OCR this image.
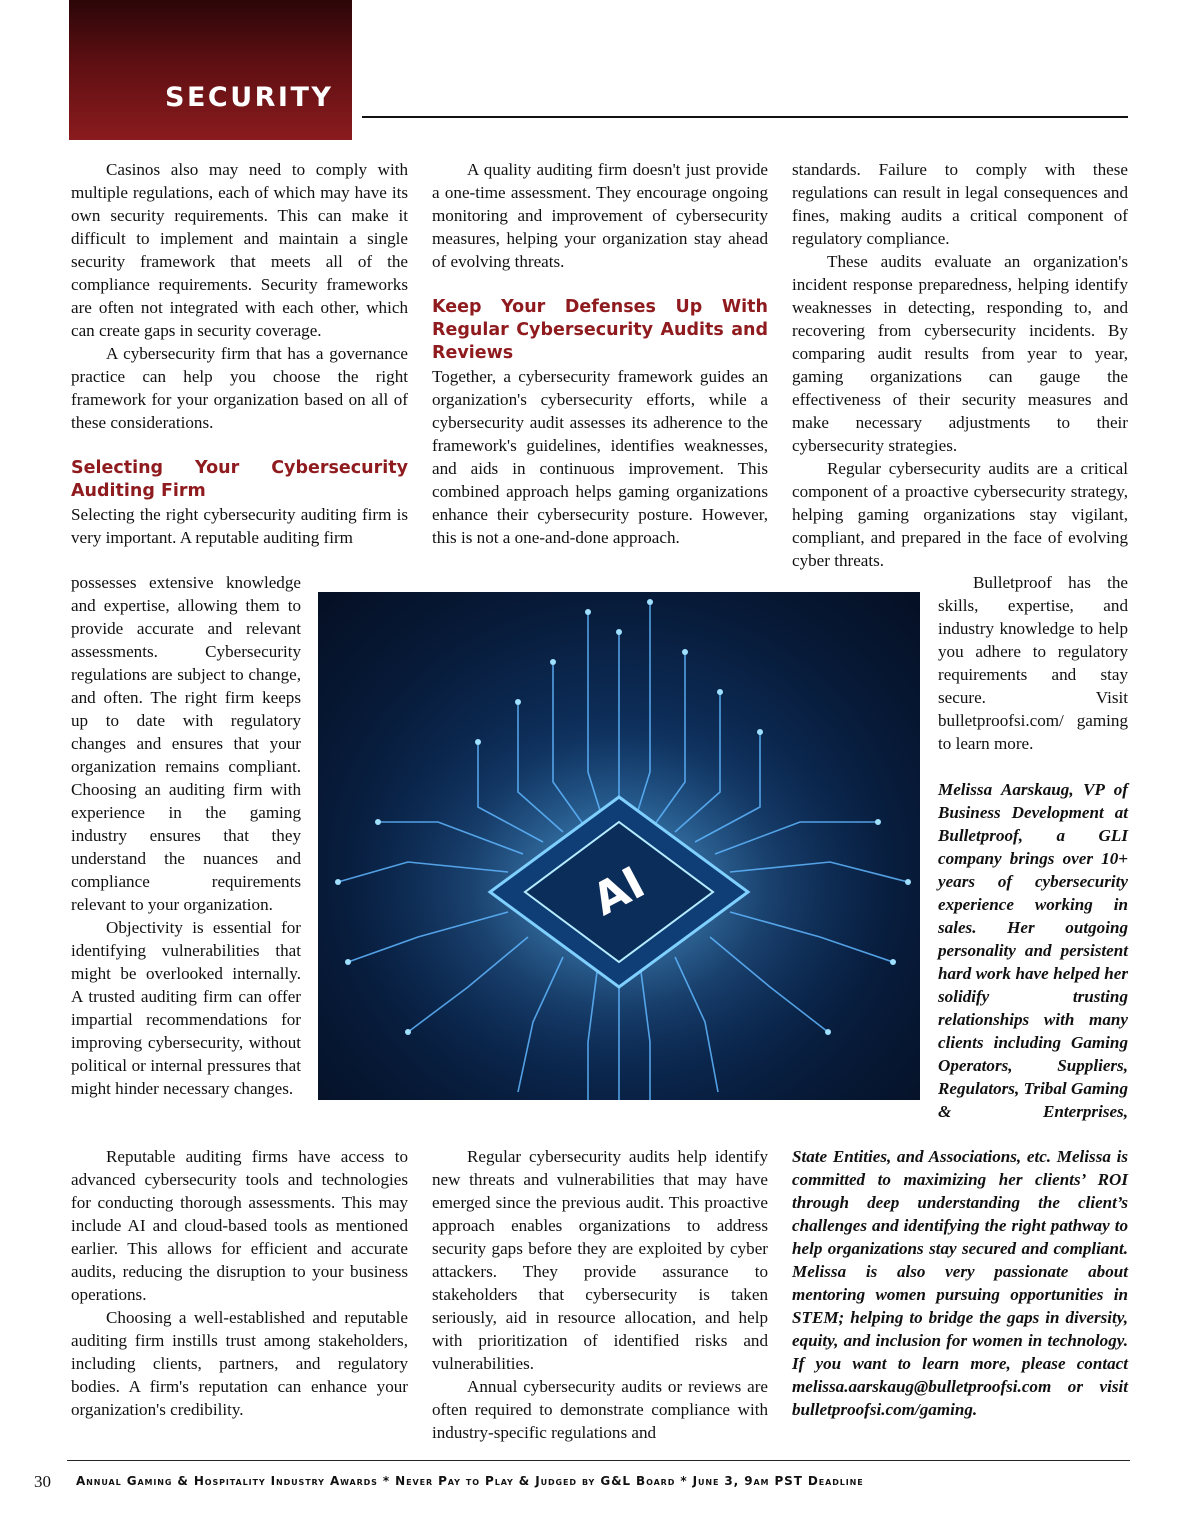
SECURITY

Casinos also may need to comply with multiple regulations, each of which may have its own security requirements. This can make it difficult to implement and maintain a single security framework that meets all of the compliance requirements. Security frameworks are often not integrated with each other, which can create gaps in security coverage.

A cybersecurity firm that has a governance practice can help you choose the right framework for your organization based on all of these considerations.

Selecting Your Cybersecurity Auditing Firm

Selecting the right cybersecurity auditing firm is very important. A reputable auditing firm

possesses extensive knowledge and expertise, allowing them to provide accurate and relevant assessments. Cybersecurity regulations are subject to change, and often. The right firm keeps up to date with regulatory changes and ensures that your organization remains compliant. Choosing an auditing firm with experience in the gaming industry ensures that they understand the nuances and compliance requirements relevant to your organization.

Objectivity is essential for identifying vulnerabilities that might be overlooked internally. A trusted auditing firm can offer impartial recommendations for improving cybersecurity, without political or internal pressures that might hinder necessary changes.

Reputable auditing firms have access to advanced cybersecurity tools and technologies for conducting thorough assessments. This may include AI and cloud-based tools as mentioned earlier. This allows for efficient and accurate audits, reducing the disruption to your business operations.

Choosing a well-established and reputable auditing firm instills trust among stakeholders, including clients, partners, and regulatory bodies. A firm's reputation can enhance your organization's credibility.

A quality auditing firm doesn't just provide a one-time assessment. They encourage ongoing monitoring and improvement of cybersecurity measures, helping your organization stay ahead of evolving threats.

Keep Your Defenses Up With Regular Cybersecurity Audits and Reviews

Together, a cybersecurity framework guides an organization's cybersecurity efforts, while a cybersecurity audit assesses its adherence to the framework's guidelines, identifies weaknesses, and aids in continuous improvement. This combined approach helps gaming organizations enhance their cybersecurity posture. However, this is not a one-and-done approach.

Regular cybersecurity audits help identify new threats and vulnerabilities that may have emerged since the previous audit. This proactive approach enables organizations to address security gaps before they are exploited by cyber attackers. They provide assurance to stakeholders that cybersecurity is taken seriously, aid in resource allocation, and help with prioritization of identified risks and vulnerabilities.

Annual cybersecurity audits or reviews are often required to demonstrate compliance with industry-specific regulations and

standards. Failure to comply with these regulations can result in legal consequences and fines, making audits a critical component of regulatory compliance.

These audits evaluate an organization's incident response preparedness, helping identify weaknesses in detecting, responding to, and recovering from cybersecurity incidents. By comparing audit results from year to year, gaming organizations can gauge the effectiveness of their security measures and make necessary adjustments to their cybersecurity strategies.

Regular cybersecurity audits are a critical component of a proactive cybersecurity strategy, helping gaming organizations stay vigilant, compliant, and prepared in the face of evolving cyber threats.

Bulletproof has the skills, expertise, and industry knowledge to help you adhere to regulatory requirements and stay secure. Visit bulletproofsi.com/ gaming to learn more.

Melissa Aarskaug, VP of Business Development at Bulletproof, a GLI company brings over 10+ years of cybersecurity experience working in sales. Her outgoing personality and persistent hard work have helped her solidify trusting relationships with many clients including Gaming Operators, Suppliers, Regulators, Tribal Gaming & Enterprises,

State Entities, and Associations, etc. Melissa is committed to maximizing her clients’ ROI through deep understanding the client’s challenges and identifying the right pathway to help organizations stay secured and compliant. Melissa is also very passionate about mentoring women pursuing opportunities in STEM; helping to bridge the gaps in diversity, equity, and inclusion for women in technology. If you want to learn more, please contact melissa.aarskaug@bulletproofsi.com or visit bulletproofsi.com/gaming.

AI
30 Annual Gaming & Hospitality Industry Awards * Never Pay to Play & Judged by G&L Board * June 3, 9am PST Deadline
